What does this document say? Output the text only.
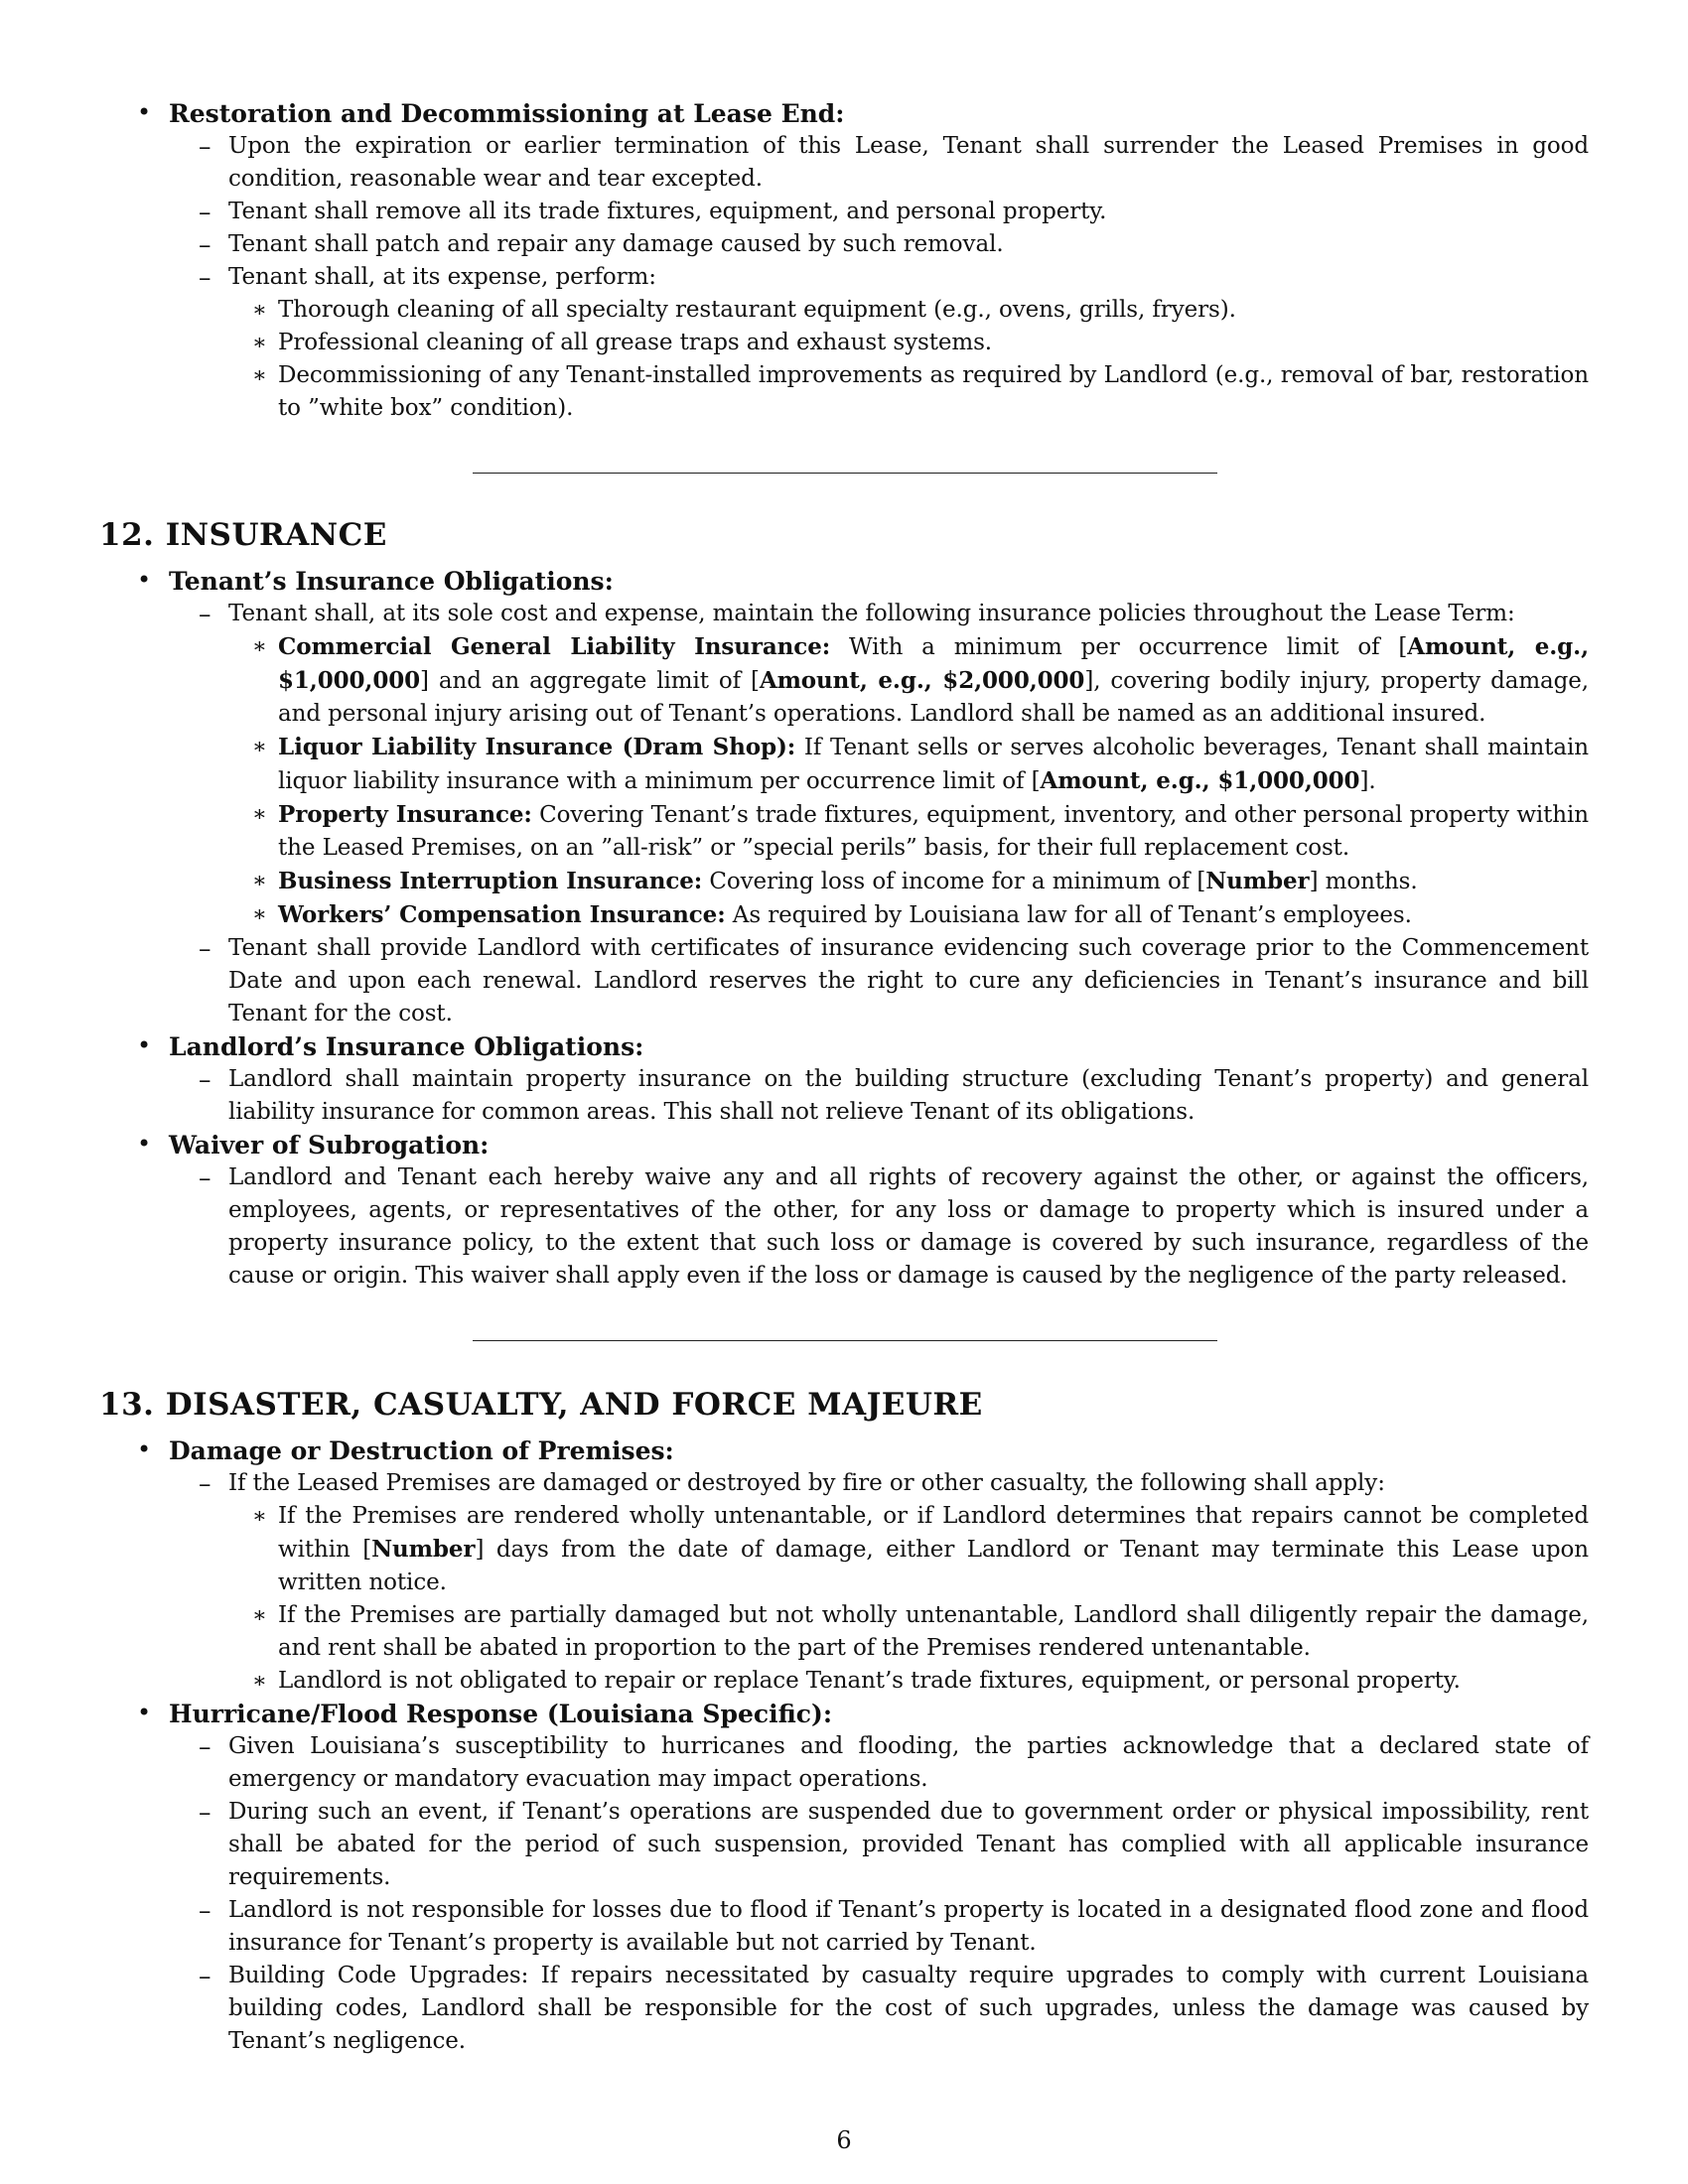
• Restoration and Decommissioning at Lease End:
– Upon the expiration or earlier termination of this Lease, Tenant shall surrender the Leased Premises in good condition, reasonable wear and tear excepted.
– Tenant shall remove all its trade fixtures, equipment, and personal property.
– Tenant shall patch and repair any damage caused by such removal.
– Tenant shall, at its expense, perform:
∗ Thorough cleaning of all specialty restaurant equipment (e.g., ovens, grills, fryers).
∗ Professional cleaning of all grease traps and exhaust systems.
∗ Decommissioning of any Tenant-installed improvements as required by Landlord (e.g., removal of bar, restoration to ”white box” condition).
12. INSURANCE
• Tenant’s Insurance Obligations:
– Tenant shall, at its sole cost and expense, maintain the following insurance policies throughout the Lease Term:
∗ Commercial General Liability Insurance: With a minimum per occurrence limit of [Amount, e.g., $1,000,000] and an aggregate limit of [Amount, e.g., $2,000,000], covering bodily injury, property damage, and personal injury arising out of Tenant’s operations. Landlord shall be named as an additional insured.
∗ Liquor Liability Insurance (Dram Shop): If Tenant sells or serves alcoholic beverages, Tenant shall maintain liquor liability insurance with a minimum per occurrence limit of [Amount, e.g., $1,000,000].
∗ Property Insurance: Covering Tenant’s trade fixtures, equipment, inventory, and other personal property within the Leased Premises, on an ”all-risk” or ”special perils” basis, for their full replacement cost.
∗ Business Interruption Insurance: Covering loss of income for a minimum of [Number] months.
∗ Workers’ Compensation Insurance: As required by Louisiana law for all of Tenant’s employees.
– Tenant shall provide Landlord with certificates of insurance evidencing such coverage prior to the Commencement Date and upon each renewal. Landlord reserves the right to cure any deficiencies in Tenant’s insurance and bill Tenant for the cost.
• Landlord’s Insurance Obligations:
– Landlord shall maintain property insurance on the building structure (excluding Tenant’s property) and general liability insurance for common areas. This shall not relieve Tenant of its obligations.
• Waiver of Subrogation:
– Landlord and Tenant each hereby waive any and all rights of recovery against the other, or against the officers, employees, agents, or representatives of the other, for any loss or damage to property which is insured under a property insurance policy, to the extent that such loss or damage is covered by such insurance, regardless of the cause or origin. This waiver shall apply even if the loss or damage is caused by the negligence of the party released.
13. DISASTER, CASUALTY, AND FORCE MAJEURE
• Damage or Destruction of Premises:
– If the Leased Premises are damaged or destroyed by fire or other casualty, the following shall apply:
∗ If the Premises are rendered wholly untenantable, or if Landlord determines that repairs cannot be completed within [Number] days from the date of damage, either Landlord or Tenant may terminate this Lease upon written notice.
∗ If the Premises are partially damaged but not wholly untenantable, Landlord shall diligently repair the damage, and rent shall be abated in proportion to the part of the Premises rendered untenantable.
∗ Landlord is not obligated to repair or replace Tenant’s trade fixtures, equipment, or personal property.
• Hurricane/Flood Response (Louisiana Specific):
– Given Louisiana’s susceptibility to hurricanes and flooding, the parties acknowledge that a declared state of emergency or mandatory evacuation may impact operations.
– During such an event, if Tenant’s operations are suspended due to government order or physical impossibility, rent shall be abated for the period of such suspension, provided Tenant has complied with all applicable insurance requirements.
– Landlord is not responsible for losses due to flood if Tenant’s property is located in a designated flood zone and flood insurance for Tenant’s property is available but not carried by Tenant.
– Building Code Upgrades: If repairs necessitated by casualty require upgrades to comply with current Louisiana building codes, Landlord shall be responsible for the cost of such upgrades, unless the damage was caused by Tenant’s negligence.
6
